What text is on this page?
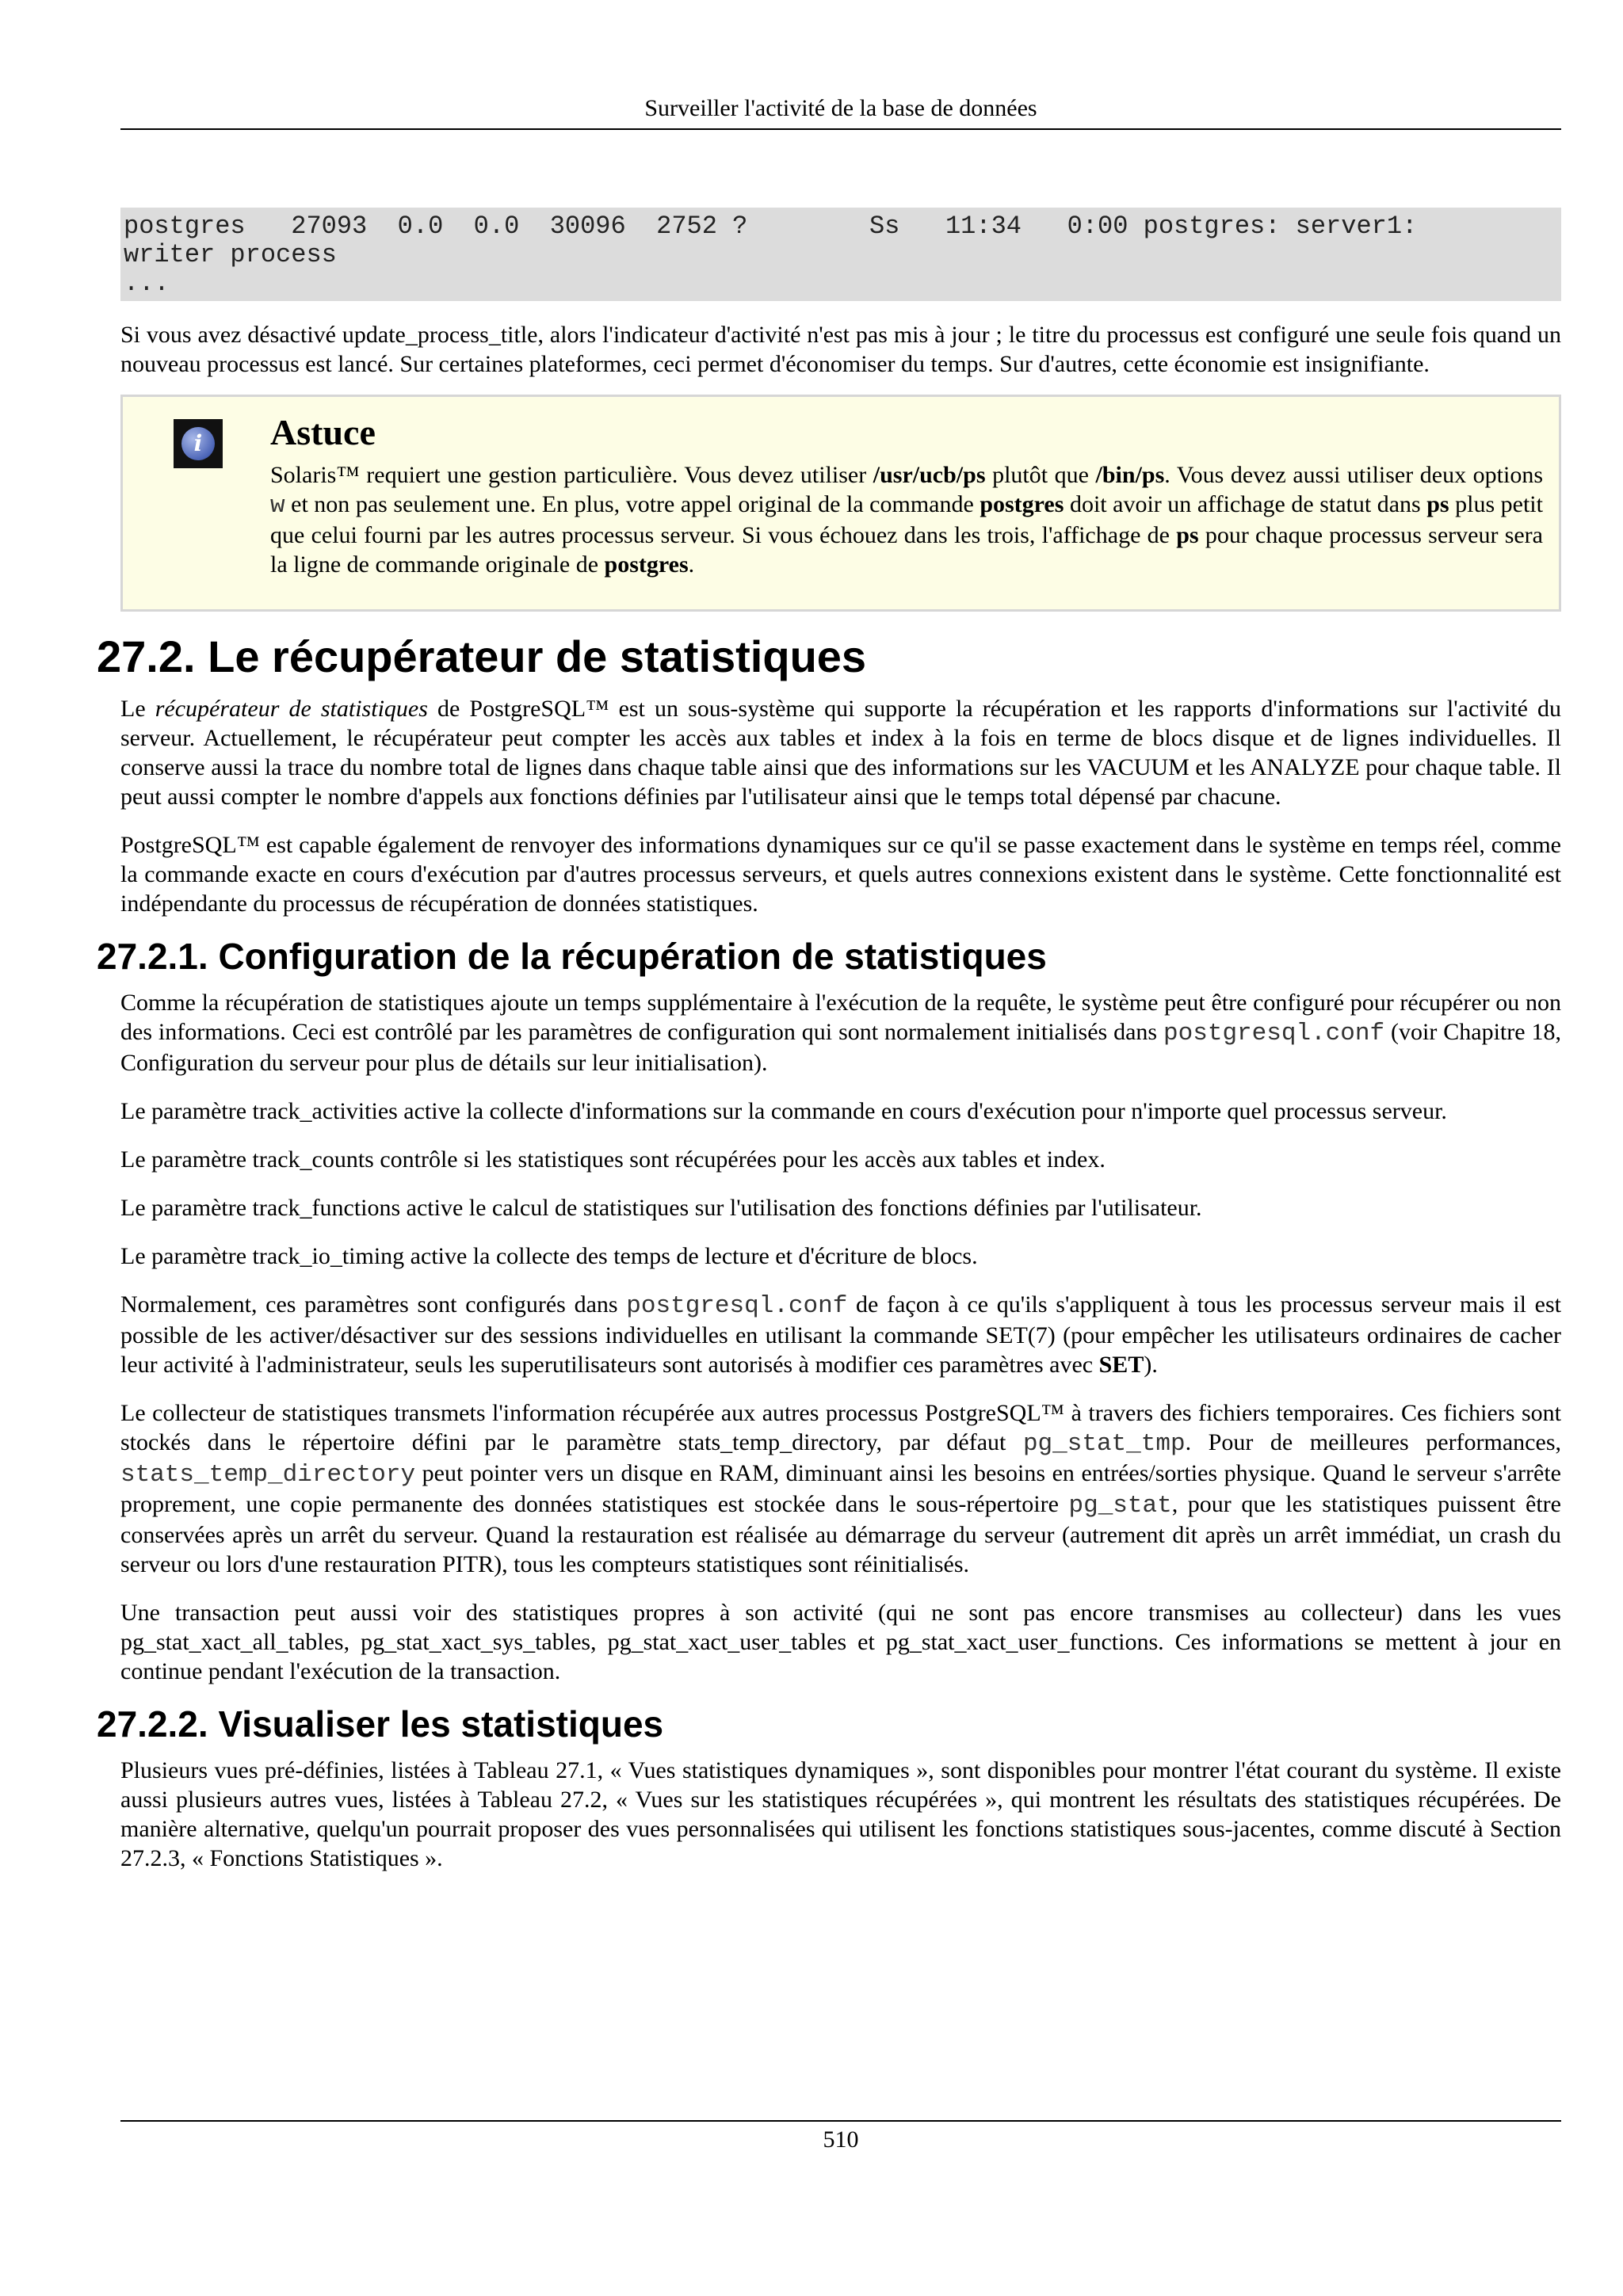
Surveiller l'activité de la base de données
postgres   27093  0.0  0.0  30096  2752 ?        Ss   11:34   0:00 postgres: server1:
writer process
...

Si vous avez désactivé update_process_title, alors l'indicateur d'activité n'est pas mis à jour ; le titre du processus est configuré une seule fois quand un nouveau processus est lancé. Sur certaines plateformes, ceci permet d'économiser du temps. Sur d'autres, cette économie est insignifiante.

i	Astuce

Solaris™ requiert une gestion particulière. Vous devez utiliser /usr/ucb/ps plutôt que /bin/ps. Vous devez aussi utiliser deux options w et non pas seulement une. En plus, votre appel original de la commande postgres doit avoir un affichage de statut dans ps plus petit que celui fourni par les autres processus serveur. Si vous échouez dans les trois, l'affichage de ps pour chaque processus serveur sera la ligne de commande originale de postgres.

27.2. Le récupérateur de statistiques

Le récupérateur de statistiques de PostgreSQL™ est un sous-système qui supporte la récupération et les rapports d'informations sur l'activité du serveur. Actuellement, le récupérateur peut compter les accès aux tables et index à la fois en terme de blocs disque et de lignes individuelles. Il conserve aussi la trace du nombre total de lignes dans chaque table ainsi que des informations sur les VACUUM et les ANALYZE pour chaque table. Il peut aussi compter le nombre d'appels aux fonctions définies par l'utilisateur ainsi que le temps total dépensé par chacune.

PostgreSQL™ est capable également de renvoyer des informations dynamiques sur ce qu'il se passe exactement dans le système en temps réel, comme la commande exacte en cours d'exécution par d'autres processus serveurs, et quels autres connexions existent dans le système. Cette fonctionnalité est indépendante du processus de récupération de données statistiques.

27.2.1. Configuration de la récupération de statistiques

Comme la récupération de statistiques ajoute un temps supplémentaire à l'exécution de la requête, le système peut être configuré pour récupérer ou non des informations. Ceci est contrôlé par les paramètres de configuration qui sont normalement initialisés dans postgresql.conf (voir Chapitre 18, Configuration du serveur pour plus de détails sur leur initialisation).

Le paramètre track_activities active la collecte d'informations sur la commande en cours d'exécution pour n'importe quel processus serveur.

Le paramètre track_counts contrôle si les statistiques sont récupérées pour les accès aux tables et index.

Le paramètre track_functions active le calcul de statistiques sur l'utilisation des fonctions définies par l'utilisateur.

Le paramètre track_io_timing active la collecte des temps de lecture et d'écriture de blocs.

Normalement, ces paramètres sont configurés dans postgresql.conf de façon à ce qu'ils s'appliquent à tous les processus serveur mais il est possible de les activer/désactiver sur des sessions individuelles en utilisant la commande SET(7) (pour empêcher les utilisateurs ordinaires de cacher leur activité à l'administrateur, seuls les superutilisateurs sont autorisés à modifier ces paramètres avec SET).

Le collecteur de statistiques transmets l'information récupérée aux autres processus PostgreSQL™ à travers des fichiers temporaires. Ces fichiers sont stockés dans le répertoire défini par le paramètre stats_temp_directory, par défaut pg_stat_tmp. Pour de meilleures performances, stats_temp_directory peut pointer vers un disque en RAM, diminuant ainsi les besoins en entrées/sorties physique. Quand le serveur s'arrête proprement, une copie permanente des données statistiques est stockée dans le sous-répertoire pg_stat, pour que les statistiques puissent être conservées après un arrêt du serveur. Quand la restauration est réalisée au démarrage du serveur (autrement dit après un arrêt immédiat, un crash du serveur ou lors d'une restauration PITR), tous les compteurs statistiques sont réinitialisés.

Une transaction peut aussi voir des statistiques propres à son activité (qui ne sont pas encore transmises au collecteur) dans les vues pg_stat_xact_all_tables, pg_stat_xact_sys_tables, pg_stat_xact_user_tables et pg_stat_xact_user_functions. Ces informations se mettent à jour en continue pendant l'exécution de la transaction.

27.2.2. Visualiser les statistiques

Plusieurs vues pré-définies, listées à Tableau 27.1, « Vues statistiques dynamiques », sont disponibles pour montrer l'état courant du système. Il existe aussi plusieurs autres vues, listées à Tableau 27.2, « Vues sur les statistiques récupérées », qui montrent les résultats des statistiques récupérées. De manière alternative, quelqu'un pourrait proposer des vues personnalisées qui utilisent les fonctions statistiques sous-jacentes, comme discuté à Section 27.2.3, « Fonctions Statistiques ».

510
